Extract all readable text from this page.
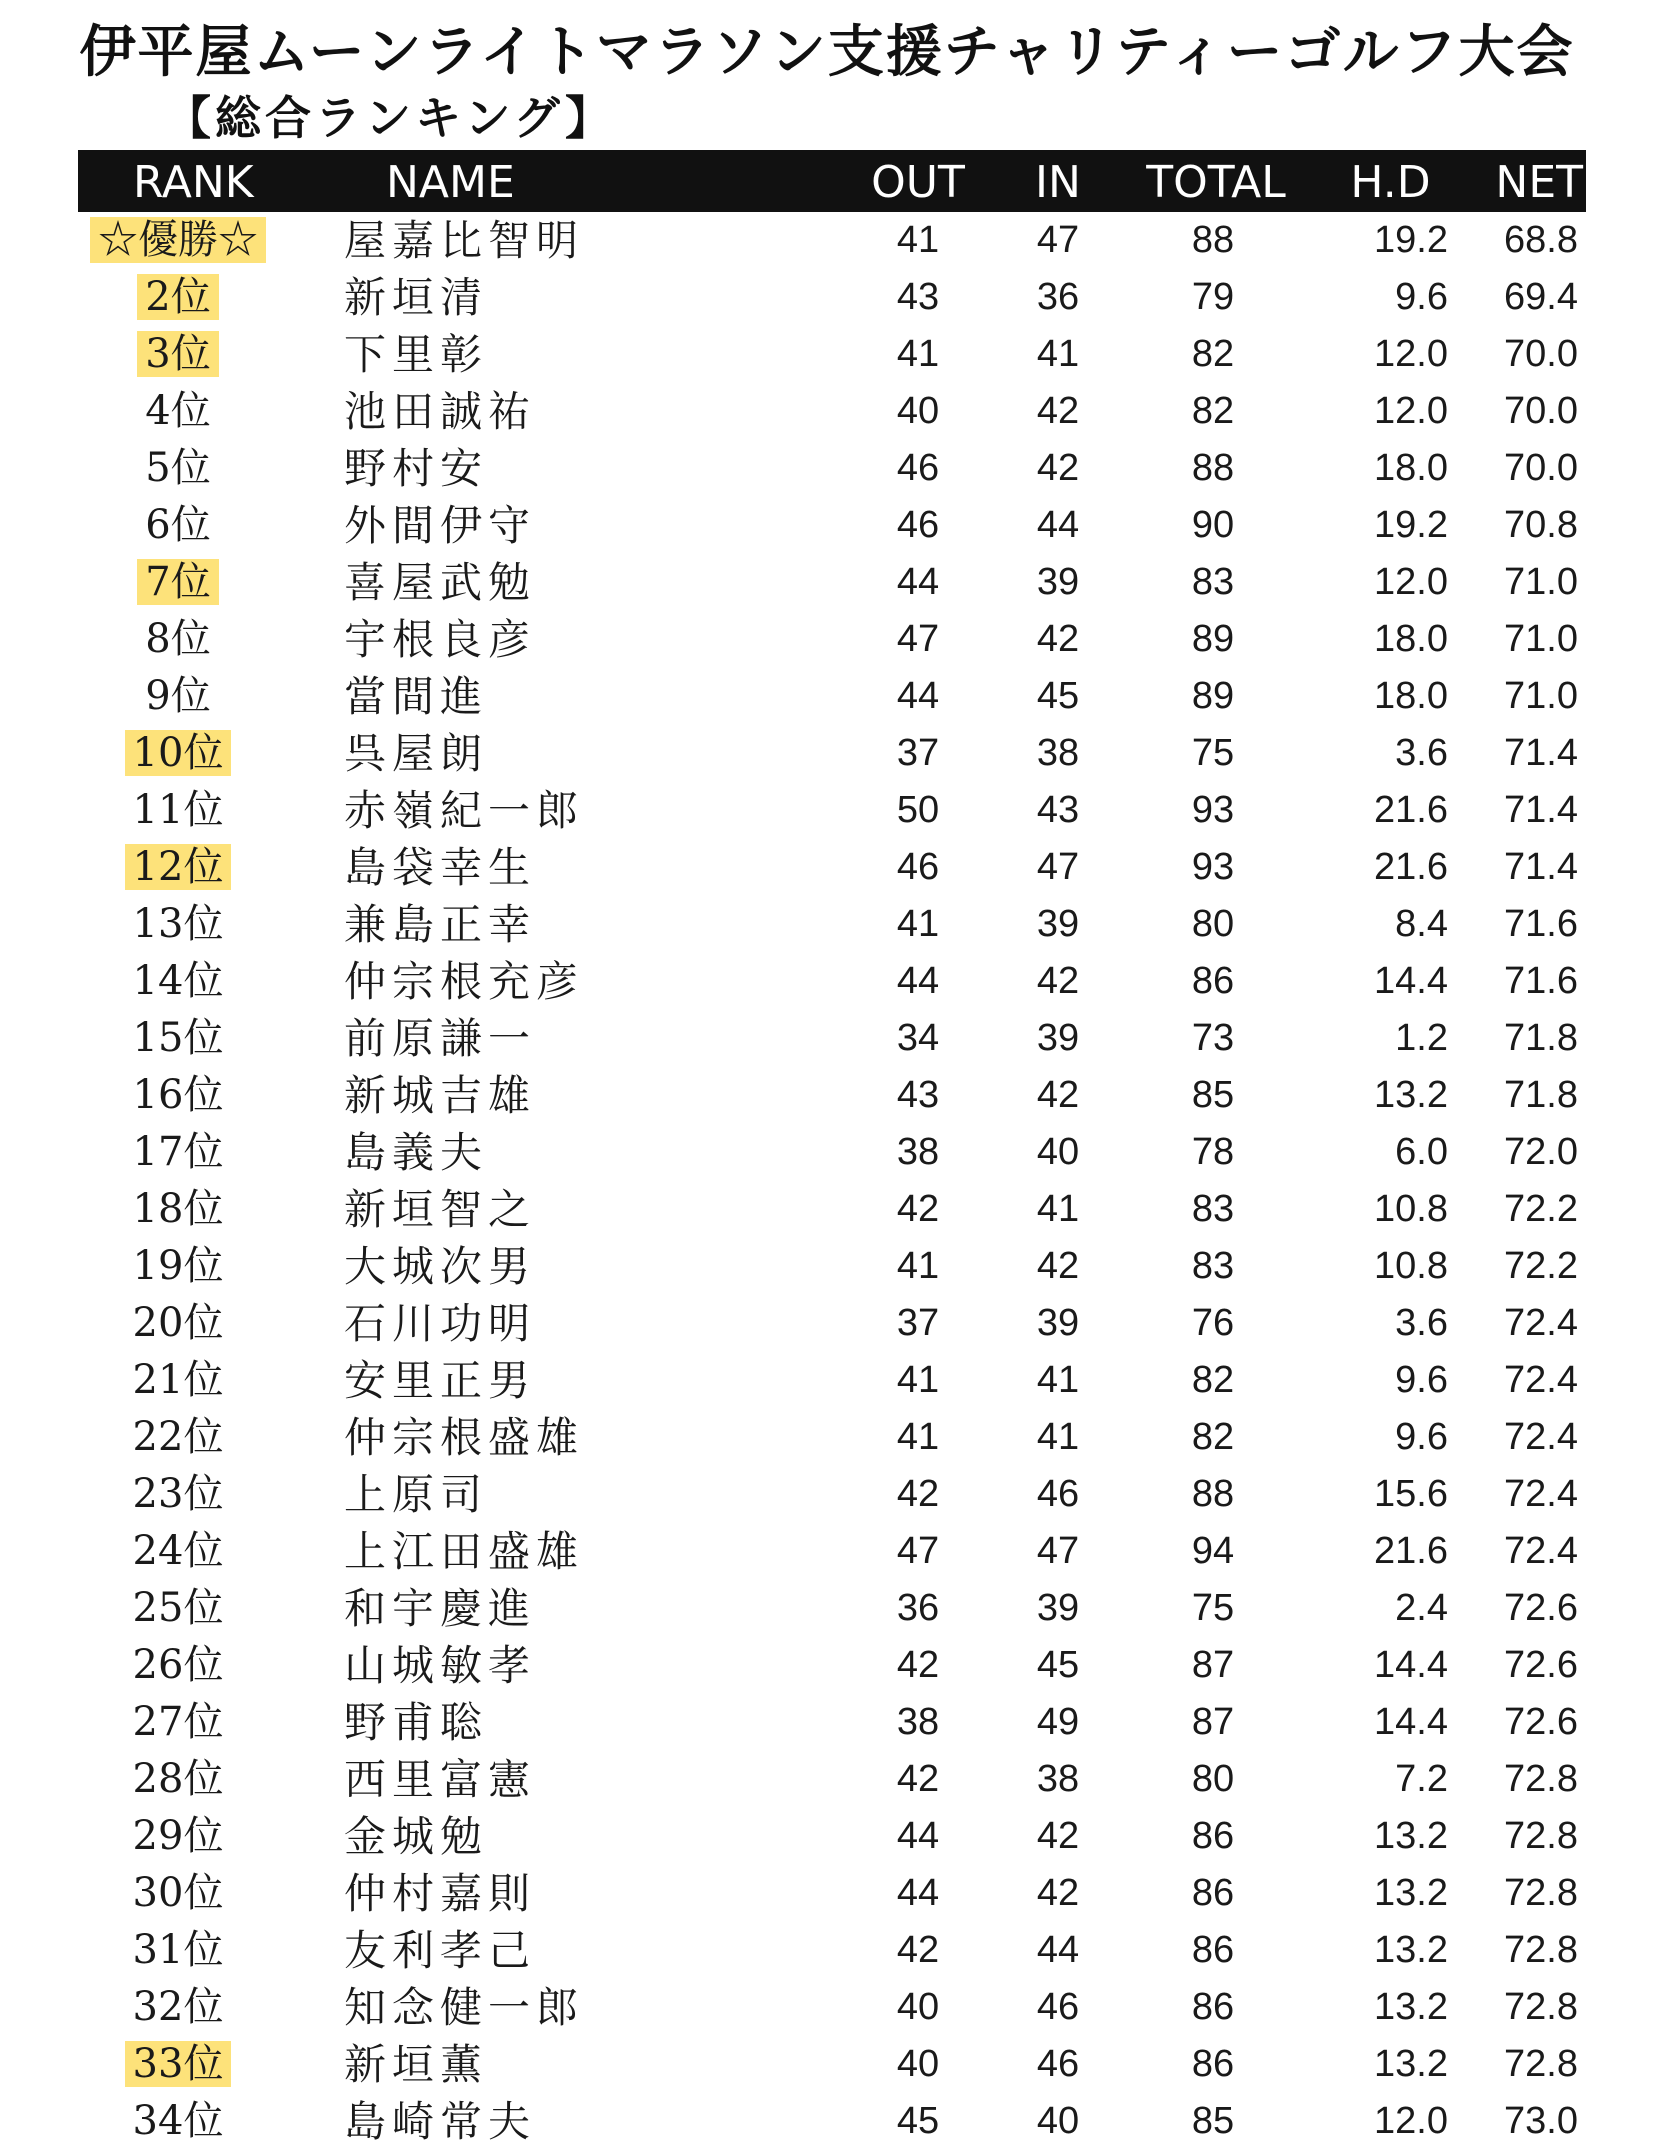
伊平屋ムーンライトマラソン支援チャリティーゴルフ大会
【総合ランキング】
RANK	NAME	OUT	IN	TOTAL	H.D	NET
☆優勝☆	屋嘉比智明	41	47	88	19.2	68.8
2位	新垣清	43	36	79	9.6	69.4
3位	下里彰	41	41	82	12.0	70.0
4位	池田誠祐	40	42	82	12.0	70.0
5位	野村安	46	42	88	18.0	70.0
6位	外間伊守	46	44	90	19.2	70.8
7位	喜屋武勉	44	39	83	12.0	71.0
8位	宇根良彦	47	42	89	18.0	71.0
9位	當間進	44	45	89	18.0	71.0
10位	呉屋朗	37	38	75	3.6	71.4
11位	赤嶺紀一郎	50	43	93	21.6	71.4
12位	島袋幸生	46	47	93	21.6	71.4
13位	兼島正幸	41	39	80	8.4	71.6
14位	仲宗根充彦	44	42	86	14.4	71.6
15位	前原謙一	34	39	73	1.2	71.8
16位	新城吉雄	43	42	85	13.2	71.8
17位	島義夫	38	40	78	6.0	72.0
18位	新垣智之	42	41	83	10.8	72.2
19位	大城次男	41	42	83	10.8	72.2
20位	石川功明	37	39	76	3.6	72.4
21位	安里正男	41	41	82	9.6	72.4
22位	仲宗根盛雄	41	41	82	9.6	72.4
23位	上原司	42	46	88	15.6	72.4
24位	上江田盛雄	47	47	94	21.6	72.4
25位	和宇慶進	36	39	75	2.4	72.6
26位	山城敏孝	42	45	87	14.4	72.6
27位	野甫聡	38	49	87	14.4	72.6
28位	西里富憲	42	38	80	7.2	72.8
29位	金城勉	44	42	86	13.2	72.8
30位	仲村嘉則	44	42	86	13.2	72.8
31位	友利孝己	42	44	86	13.2	72.8
32位	知念健一郎	40	46	86	13.2	72.8
33位	新垣薫	40	46	86	13.2	72.8
34位	島崎常夫	45	40	85	12.0	73.0
